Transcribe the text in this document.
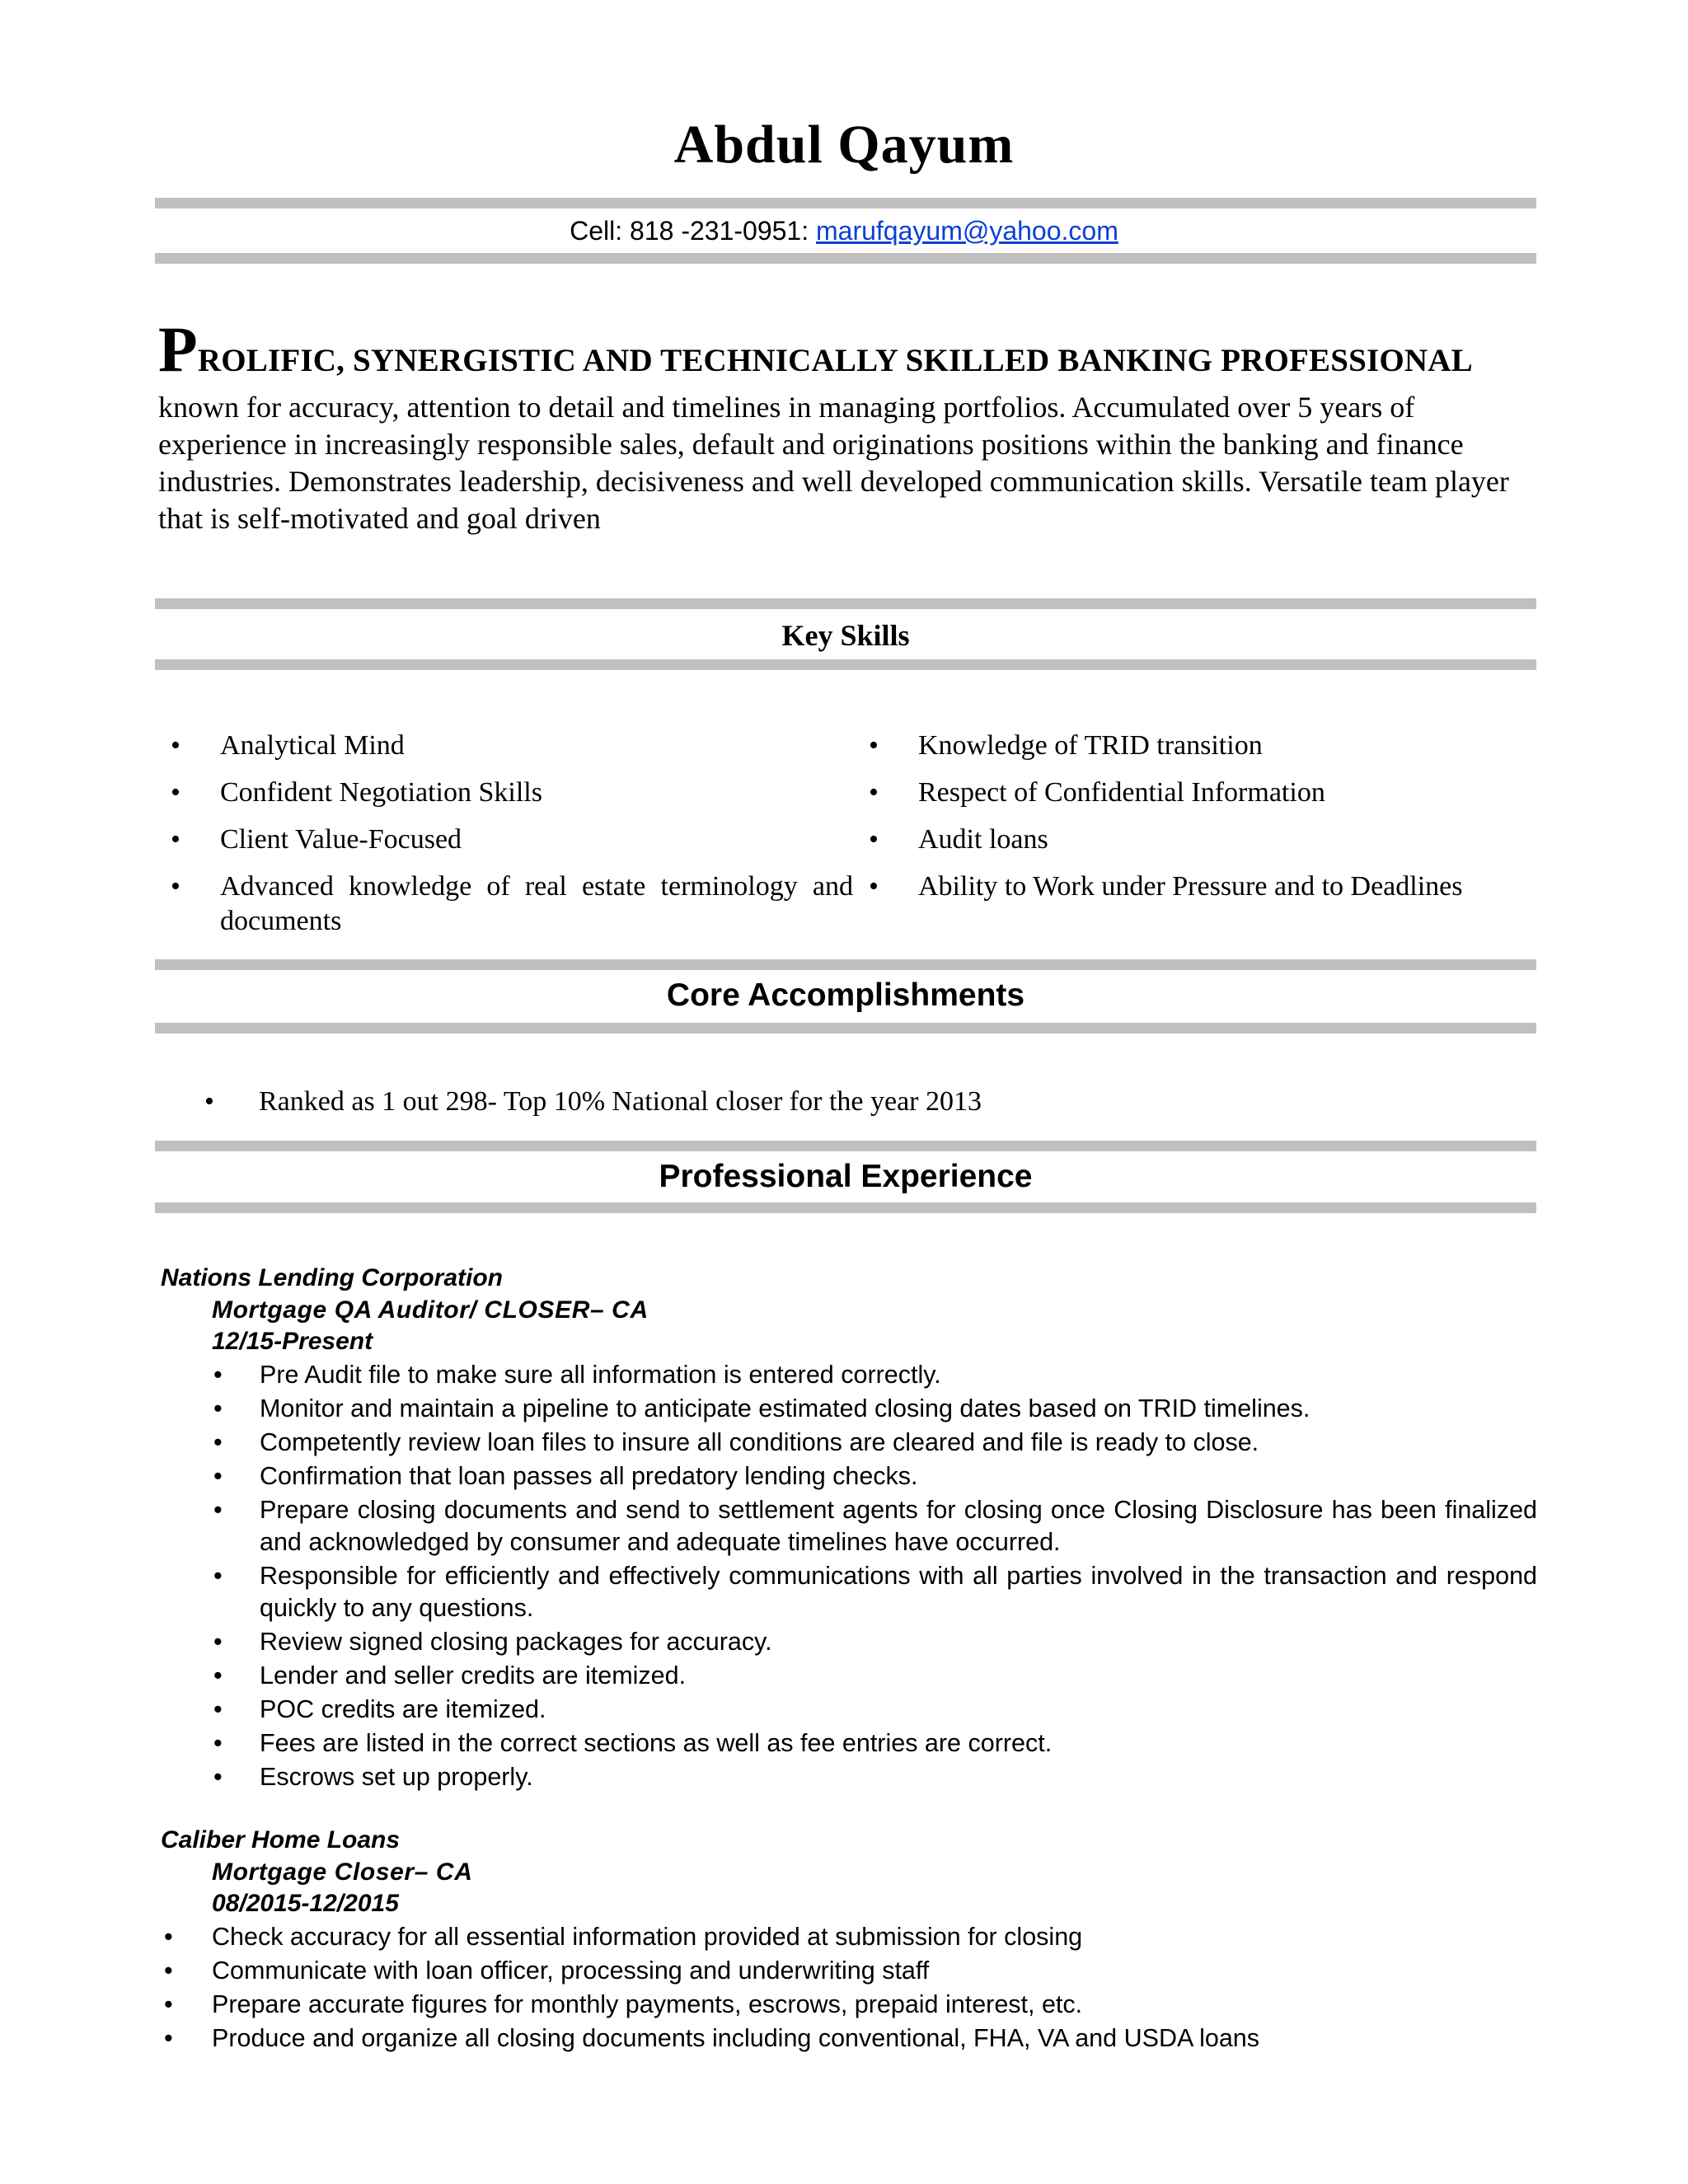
Abdul Qayum
Cell: 818 -231-0951: marufqayum@yahoo.com
PROLIFIC, SYNERGISTIC AND TECHNICALLY SKILLED BANKING PROFESSIONAL
known for accuracy, attention to detail and timelines in managing portfolios. Accumulated over 5 years of experience in increasingly responsible sales, default and originations positions within the banking and finance industries. Demonstrates leadership, decisiveness and well developed communication skills. Versatile team player that is self-motivated and goal driven
Key Skills
• Analytical Mind
• Confident Negotiation Skills
• Client Value-Focused
• Advanced knowledge of real estate terminology and documents
• Knowledge of TRID transition
• Respect of Confidential Information
• Audit loans
• Ability to Work under Pressure and to Deadlines
Core Accomplishments
• Ranked as 1 out 298- Top 10% National closer for the year 2013
Professional Experience
Nations Lending Corporation
Mortgage QA Auditor/ CLOSER– CA
12/15-Present
• Pre Audit file to make sure all information is entered correctly.
• Monitor and maintain a pipeline to anticipate estimated closing dates based on TRID timelines.
• Competently review loan files to insure all conditions are cleared and file is ready to close.
• Confirmation that loan passes all predatory lending checks.
• Prepare closing documents and send to settlement agents for closing once Closing Disclosure has been finalized and acknowledged by consumer and adequate timelines have occurred.
• Responsible for efficiently and effectively communications with all parties involved in the transaction and respond quickly to any questions.
• Review signed closing packages for accuracy.
• Lender and seller credits are itemized.
• POC credits are itemized.
• Fees are listed in the correct sections as well as fee entries are correct.
• Escrows set up properly.
Caliber Home Loans
Mortgage Closer– CA
08/2015-12/2015
• Check accuracy for all essential information provided at submission for closing
• Communicate with loan officer, processing and underwriting staff
• Prepare accurate figures for monthly payments, escrows, prepaid interest, etc.
• Produce and organize all closing documents including conventional, FHA, VA and USDA loans
